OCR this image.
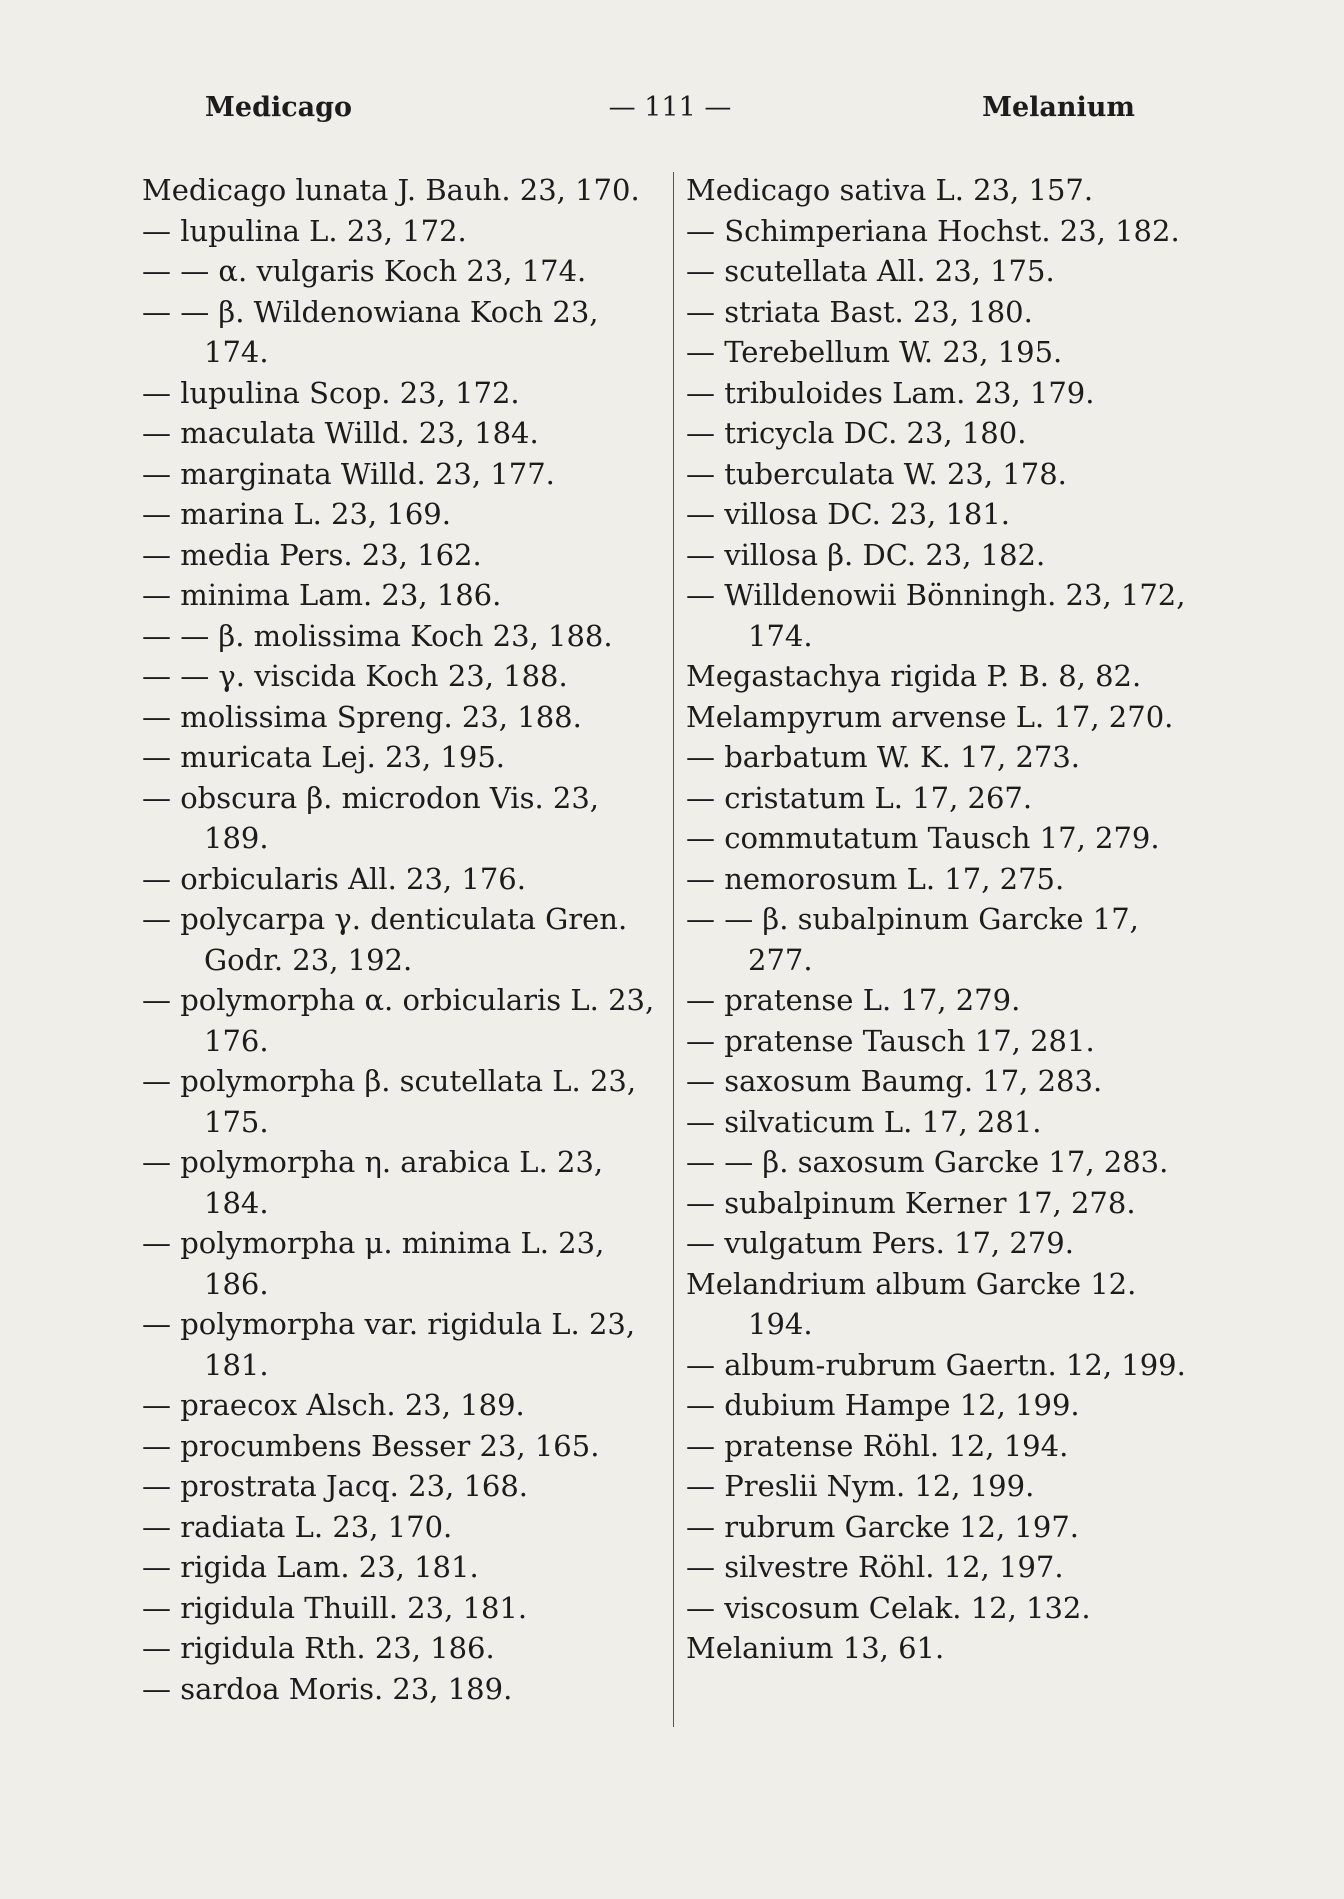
Medicago	— 111 —	Melanium

Medicago lunata J. Bauh. 23, 170.

— lupulina L. 23, 172.

— — α. vulgaris Koch 23, 174.

— — β. Wildenowiana Koch 23, 174.

— lupulina Scop. 23, 172.

— maculata Willd. 23, 184.

— marginata Willd. 23, 177.

— marina L. 23, 169.

— media Pers. 23, 162.

— minima Lam. 23, 186.

— — β. molissima Koch 23, 188.

— — γ. viscida Koch 23, 188.

— molissima Spreng. 23, 188.

— muricata Lej. 23, 195.

— obscura β. microdon Vis. 23, 189.

— orbicularis All. 23, 176.

— polycarpa γ. denticulata Gren. Godr. 23, 192.

— polymorpha α. orbicularis L. 23, 176.

— polymorpha β. scutellata L. 23, 175.

— polymorpha η. arabica L. 23, 184.

— polymorpha μ. minima L. 23, 186.

— polymorpha var. rigidula L. 23, 181.

— praecox Alsch. 23, 189.

— procumbens Besser 23, 165.

— prostrata Jacq. 23, 168.

— radiata L. 23, 170.

— rigida Lam. 23, 181.

— rigidula Thuill. 23, 181.

— rigidula Rth. 23, 186.

— sardoa Moris. 23, 189.

Medicago sativa L. 23, 157.

— Schimperiana Hochst. 23, 182.

— scutellata All. 23, 175.

— striata Bast. 23, 180.

— Terebellum W. 23, 195.

— tribuloides Lam. 23, 179.

— tricycla DC. 23, 180.

— tuberculata W. 23, 178.

— villosa DC. 23, 181.

— villosa β. DC. 23, 182.

— Willdenowii Bönningh. 23, 172, 174.

Megastachya rigida P. B. 8, 82.

Melampyrum arvense L. 17, 270.

— barbatum W. K. 17, 273.

— cristatum L. 17, 267.

— commutatum Tausch 17, 279.

— nemorosum L. 17, 275.

— — β. subalpinum Garcke 17, 277.

— pratense L. 17, 279.

— pratense Tausch 17, 281.

— saxosum Baumg. 17, 283.

— silvaticum L. 17, 281.

— — β. saxosum Garcke 17, 283.

— subalpinum Kerner 17, 278.

— vulgatum Pers. 17, 279.

Melandrium album Garcke 12. 194.

— album-rubrum Gaertn. 12, 199.

— dubium Hampe 12, 199.

— pratense Röhl. 12, 194.

— Preslii Nym. 12, 199.

— rubrum Garcke 12, 197.

— silvestre Röhl. 12, 197.

— viscosum Celak. 12, 132.

Melanium 13, 61.
